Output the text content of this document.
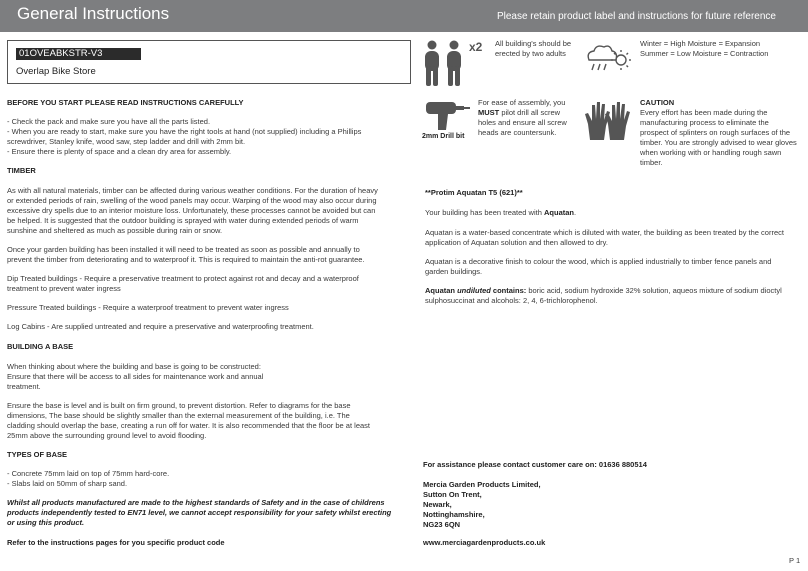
General Instructions	Please retain product label and instructions for future reference
01OVEABKSTR-V3
Overlap Bike Store
BEFORE YOU START PLEASE READ INSTRUCTIONS CAREFULLY
- Check the pack and make sure you have all the parts listed.
- When you are ready to start, make sure you have the right tools at hand (not supplied) including a Phillips
screwdriver, Stanley knife, wood saw, step ladder and drill with 2mm bit.
- Ensure there is plenty of space and a clean dry area for assembly.
TIMBER
As with all natural materials, timber can be affected during various weather conditions. For the duration of heavy
or extended periods of rain, swelling of the wood panels may occur. Warping of the wood may also occur during
excessive dry spells due to an interior moisture loss. Unfortunately, these processes cannot be avoided but can
be helped. It is suggested that the outdoor building is sprayed with water during extended periods of warm
sunshine and sheltered as much as possible during rain or snow.
Once your garden building has been installed it will need to be treated as soon as possible and annually to
prevent the timber from deteriorating and to waterproof it. This is required to maintain the anti-rot guarantee.
Dip Treated buildings - Require a preservative treatment to protect against rot and decay and a waterproof
treatment to prevent water ingress
Pressure Treated buildings - Require a waterproof treatment to prevent water ingress
Log Cabins - Are supplied untreated and require a preservative and waterproofing treatment.
BUILDING A BASE
When thinking about where the building and base is going to be constructed:
Ensure that there will be access to all sides for maintenance work and annual
treatment.
Ensure the base is level and is built on firm ground, to prevent distortion. Refer to diagrams for the base
dimensions, The base should be slightly smaller than the external measurement of the building, i.e. The
cladding should overlap the base, creating a run off for water. It is also recommended that the floor be at least
25mm above the surrounding ground level to avoid flooding.
TYPES OF BASE
- Concrete 75mm laid on top of 75mm hard-core.
- Slabs laid on 50mm of sharp sand.
Whilst all products manufactured are made to the highest standards of Safety and in the case of childrens
products independently tested to EN71 level, we cannot accept responsibility for your safety whilst erecting
or using this product.
Refer to the instructions pages for you specific product code
x2 All building's should be
erected by two adults
Winter = High Moisture = Expansion
Summer = Low Moisture = Contraction
2mm Drill bit
For ease of assembly, you
MUST pilot drill all screw
holes and ensure all screw
heads are countersunk.
CAUTION
Every effort has been made during the
manufacturing process to eliminate the
prospect of splinters on rough surfaces of the
timber. You are strongly advised to wear gloves
when working with or handling rough sawn
timber.
**Protim Aquatan T5 (621)**
Your building has been treated with Aquatan.
Aquatan is a water-based concentrate which is diluted with water, the building as been treated by the correct
application of Aquatan solution and then allowed to dry.
Aquatan is a decorative finish to colour the wood, which is applied industrially to timber fence panels and
garden buildings.
Aquatan undiluted contains: boric acid, sodium hydroxide 32% solution, aqueos mixture of sodium dioctyl
sulphosuccinat and alcohols: 2, 4, 6-trichlorophenol.
For assistance please contact customer care on: 01636 880514
Mercia Garden Products Limited,
Sutton On Trent,
Newark,
Nottinghamshire,
NG23 6QN
www.merciagardenproducts.co.uk
P 1
